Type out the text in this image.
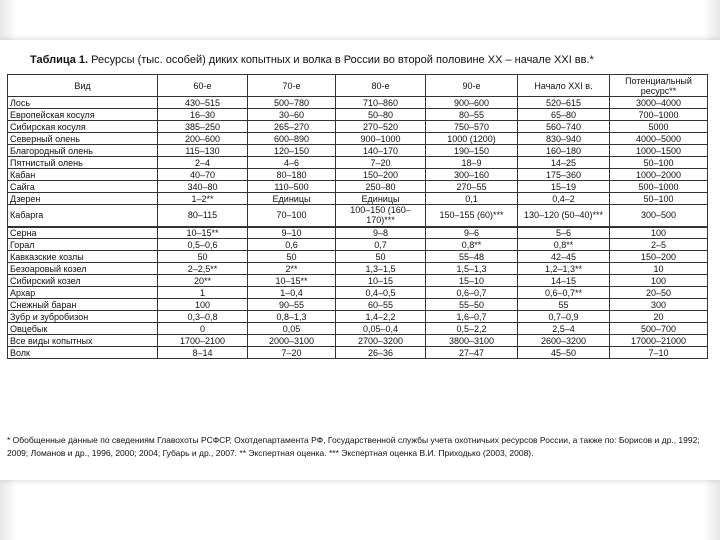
Таблица 1. Ресурсы (тыс. особей) диких копытных и волка в России во второй половине ХХ – начале XXI вв.*
Вид	60-е	70-е	80-е	90-е	Начало XXI в.	Потенциальный ресурс**
Лось	430–515	500–780	710–860	900–600	520–615	3000–4000
Европейская косуля	16–30	30–60	50–80	80–55	65–80	700–1000
Сибирская косуля	385–250	265–270	270–520	750–570	560–740	5000
Северный олень	200–600	600–890	900–1000	1000 (1200)	830–940	4000–5000
Благородный олень	115–130	120–150	140–170	190–150	160–180	1000–1500
Пятнистый олень	2–4	4–6	7–20	18–9	14–25	50–100
Кабан	40–70	80–180	150–200	300–160	175–360	1000–2000
Сайга	340–80	110–500	250–80	270–55	15–19	500–1000
Дзерен	1–2**	Единицы	Единицы	0,1	0,4–2	50–100
Кабарга	80–115	70–100	100–150 (160–170)***	150–155 (60)***	130–120 (50–40)***	300–500
Серна	10–15**	9–10	9–8	9–6	5–6	100
Горал	0,5–0,6	0,6	0,7	0,8**	0,8**	2–5
Кавказские козлы	50	50	50	55–48	42–45	150–200
Безоаровый козел	2–2,5**	2**	1,3–1,5	1,5–1,3	1,2–1,3**	10
Сибирский козел	20**	10–15**	10–15	15–10	14–15	100
Архар	1	1–0,4	0,4–0,5	0,6–0,7	0,6–0,7**	20–50
Снежный баран	100	90–55	60–55	55–50	55	300
Зубр и зубробизон	0,3–0,8	0,8–1,3	1,4–2,2	1,6–0,7	0,7–0,9	20
Овцебык	0	0,05	0,05–0,4	0,5–2,2	2,5–4	500–700
Все виды копытных	1700–2100	2000–3100	2700–3200	3800–3100	2600–3200	17000–21000
Волк	8–14	7–20	26–36	27–47	45–50	7–10
* Обобщенные данные по сведениям Главохоты РСФСР, Охотдепартамента РФ, Государственной службы учета охотничьих ресурсов России, а также по: Борисов и др., 1992; 2009; Ломанов и др., 1996, 2000; 2004; Губарь и др., 2007. ** Экспертная оценка. *** Экспертная оценка В.И. Приходько (2003, 2008).
